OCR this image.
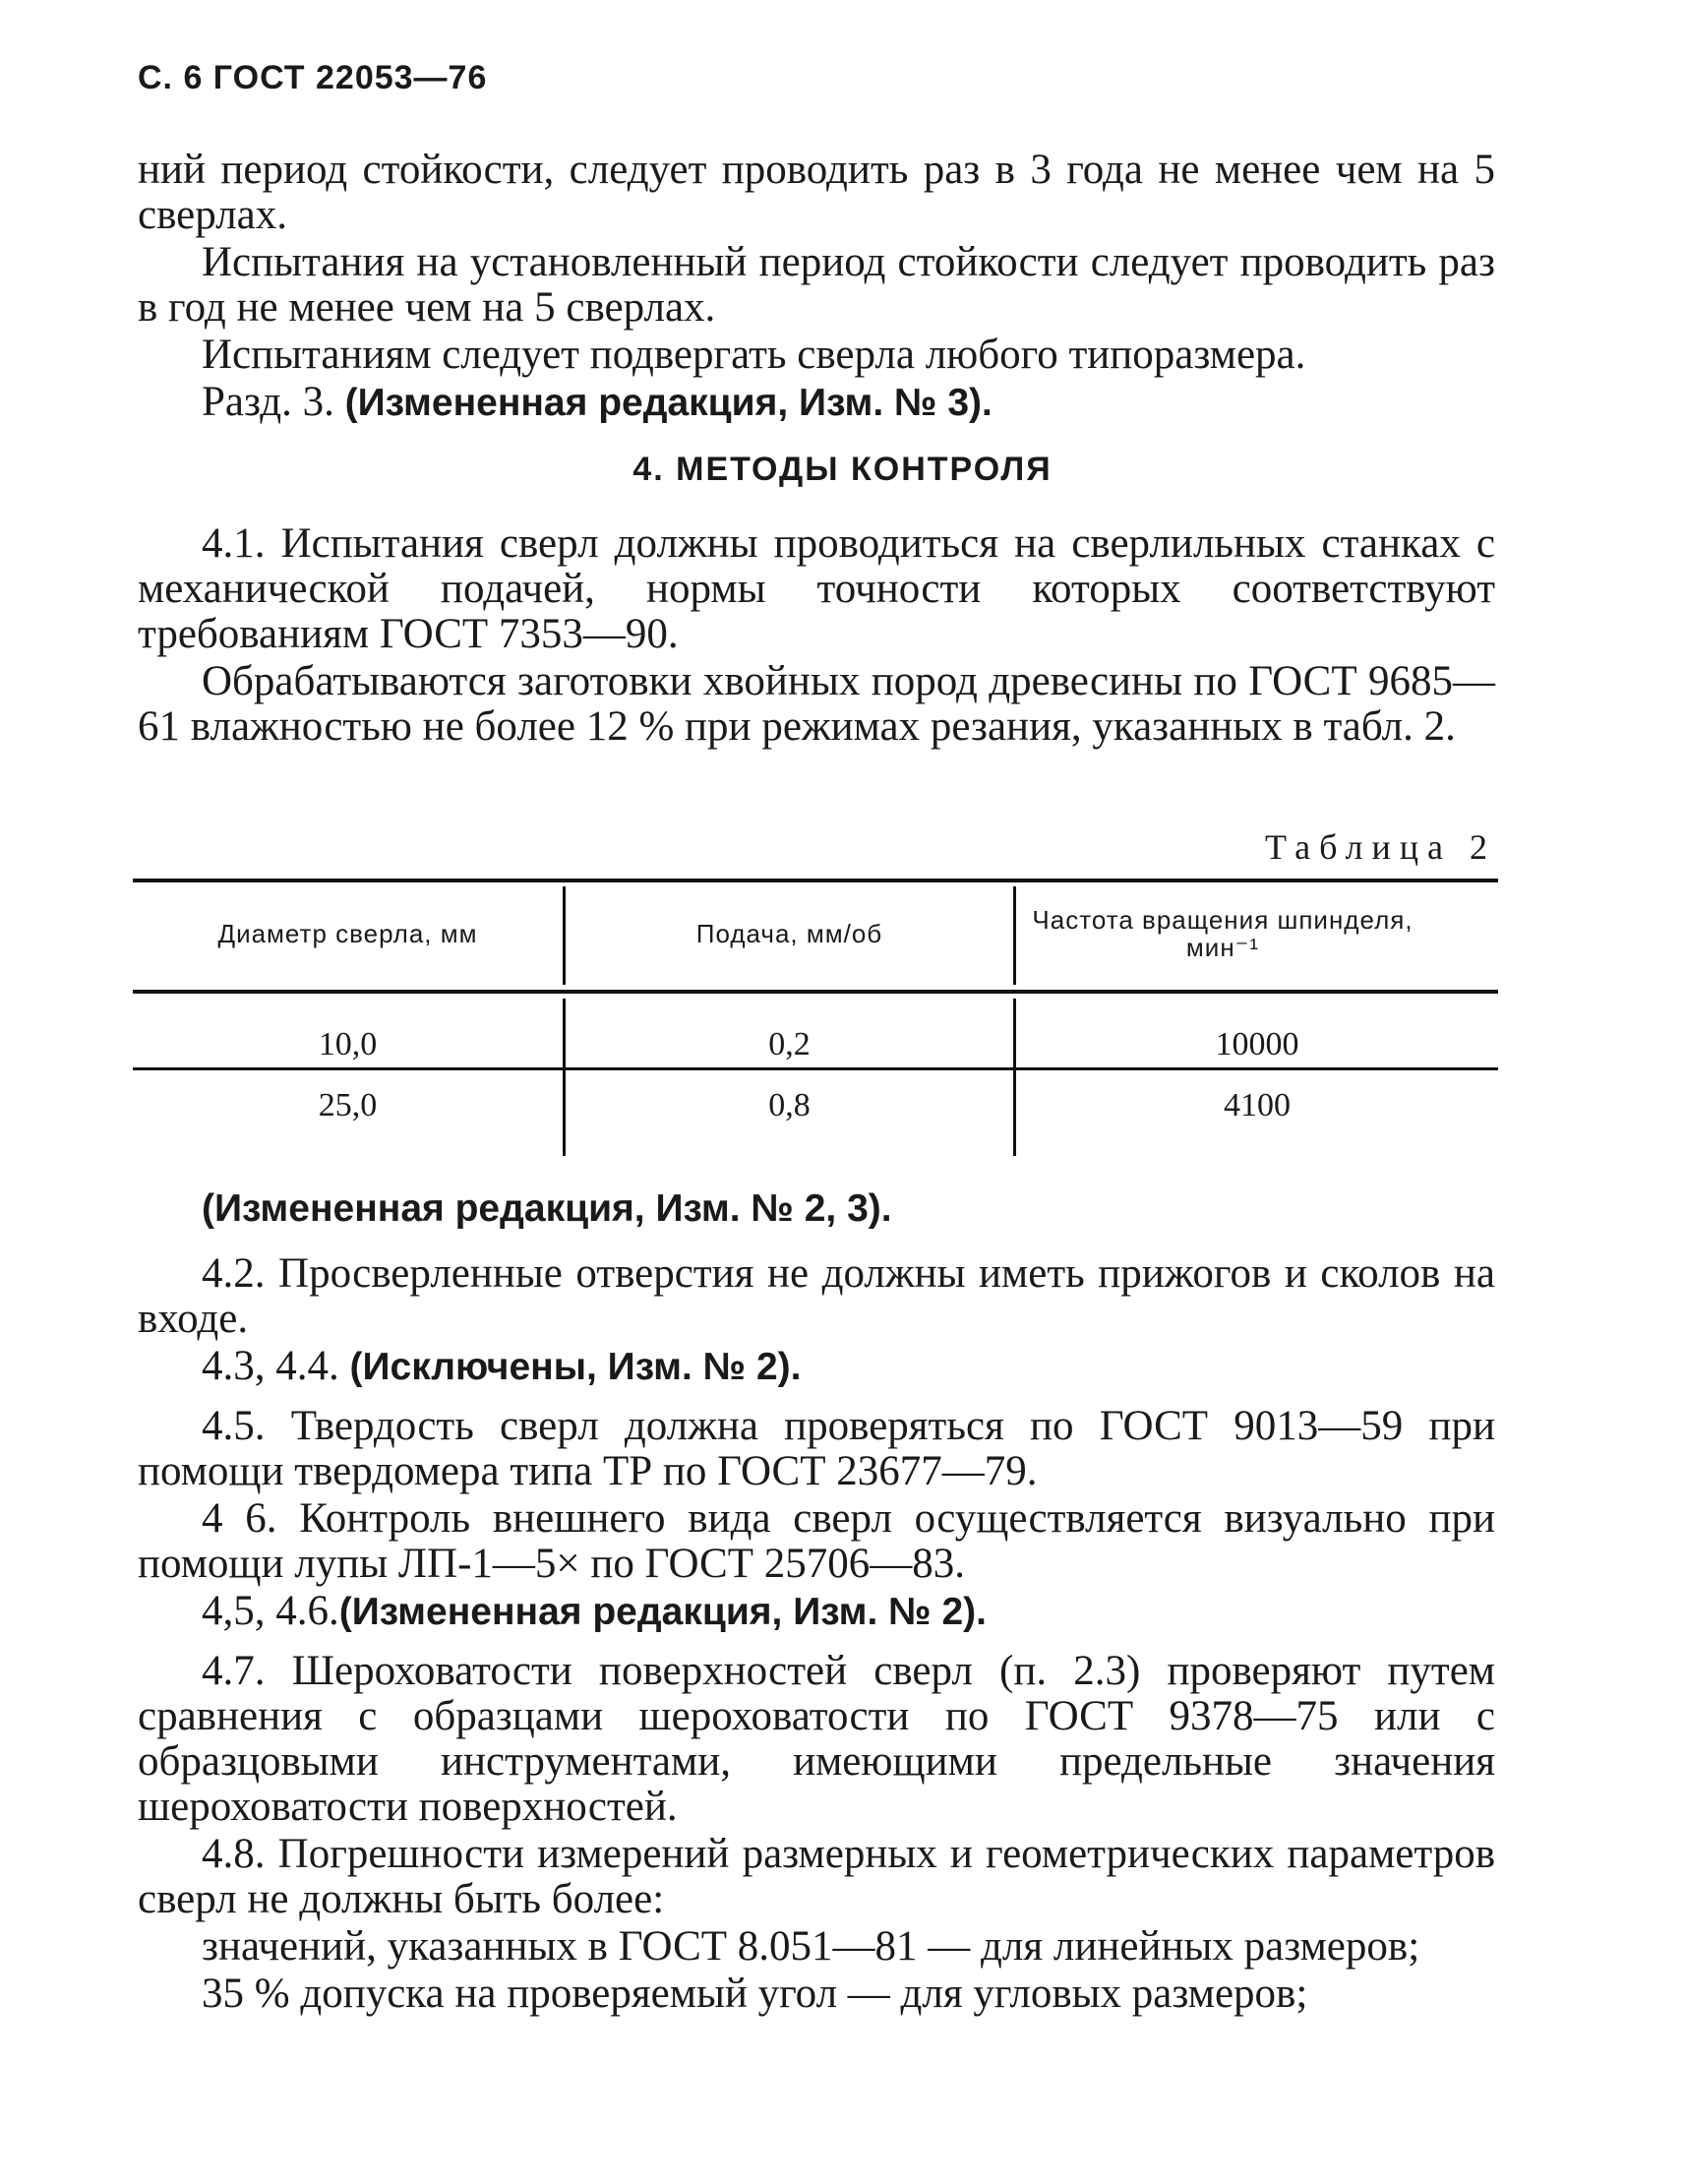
С. 6 ГОСТ 22053—76

ний период стойкости, следует проводить раз в 3 года не менее чем на 5 сверлах.

Испытания на установленный период стойкости следует проводить раз в год не менее чем на 5 сверлах.

Испытаниям следует подвергать сверла любого типоразмера.

Разд. 3. (Измененная редакция, Изм. № 3).

4. МЕТОДЫ КОНТРОЛЯ

4.1. Испытания сверл должны проводиться на сверлильных станках с механической подачей, нормы точности которых соответствуют требованиям ГОСТ 7353—90.

Обрабатываются заготовки хвойных пород древесины по ГОСТ 9685—61 влажностью не более 12 % при режимах резания, указанных в табл. 2.

Таблица 2
Диаметр сверла, мм	Подача, мм/об	Частота вращения шпинделя, мин⁻¹
10,0	0,2	10000
25,0	0,8	4100

(Измененная редакция, Изм. № 2, 3).

4.2. Просверленные отверстия не должны иметь прижогов и сколов на входе.

4.3, 4.4. (Исключены, Изм. № 2).

4.5. Твердость сверл должна проверяться по ГОСТ 9013—59 при помощи твердомера типа ТР по ГОСТ 23677—79.

4 6. Контроль внешнего вида сверл осуществляется визуально при помощи лупы ЛП-1—5× по ГОСТ 25706—83.

4,5, 4.6.(Измененная редакция, Изм. № 2).

4.7. Шероховатости поверхностей сверл (п. 2.3) проверяют путем сравнения с образцами шероховатости по ГОСТ 9378—75 или с образцовыми инструментами, имеющими предельные значения шероховатости поверхностей.

4.8. Погрешности измерений размерных и геометрических параметров сверл не должны быть более:

значений, указанных в ГОСТ 8.051—81 — для линейных размеров;

35 % допуска на проверяемый угол — для угловых размеров;
